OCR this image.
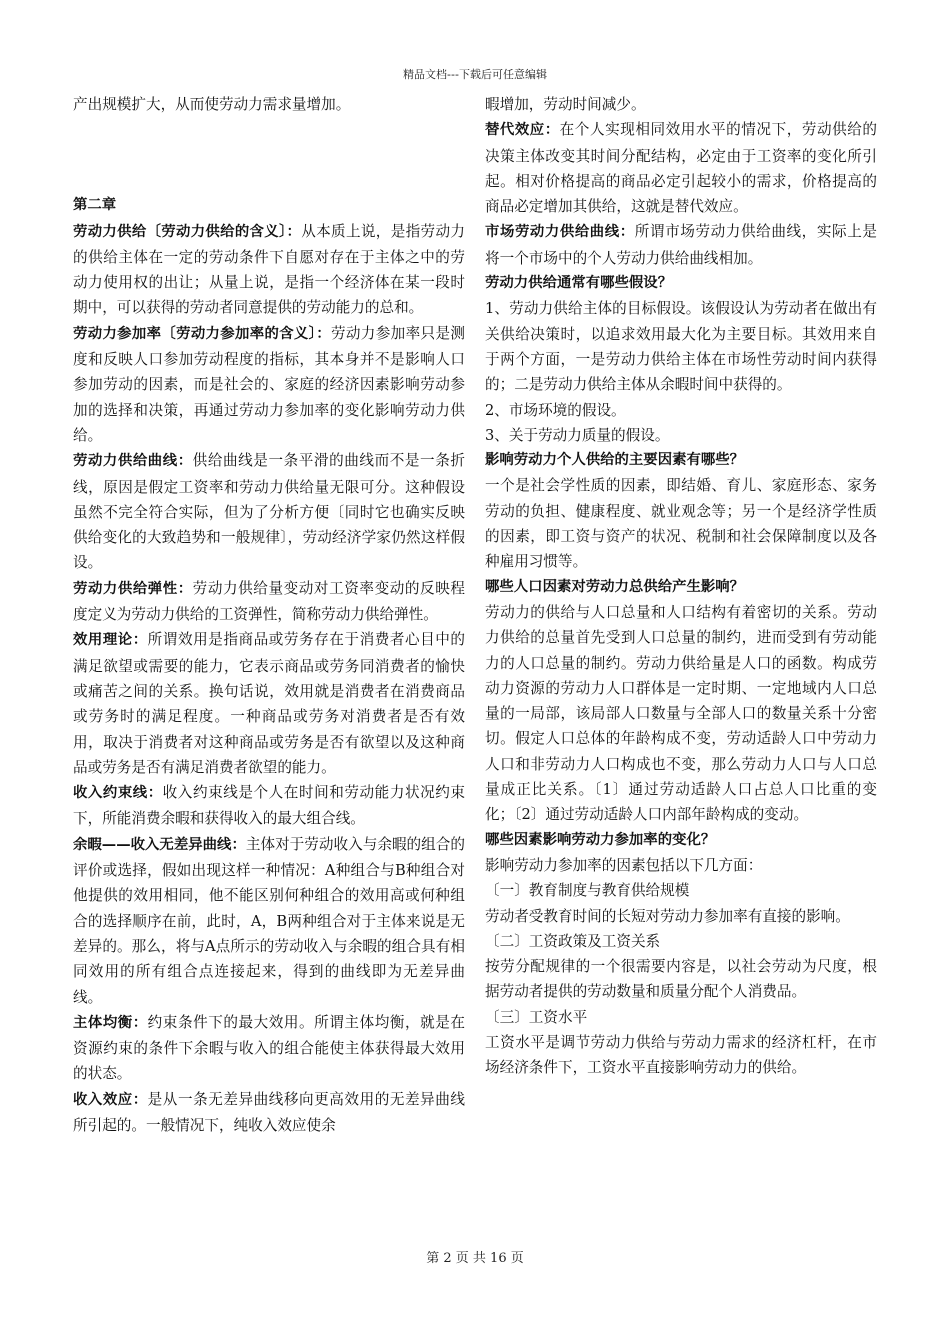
精品文档---下载后可任意编辑

产出规模扩大，从而使劳动力需求量增加。

第二章

劳动力供给〔劳动力供给的含义〕：从本质上说，是指劳动力的供给主体在一定的劳动条件下自愿对存在于主体之中的劳动力使用权的出让；从量上说，是指一个经济体在某一段时期中，可以获得的劳动者同意提供的劳动能力的总和。

劳动力参加率〔劳动力参加率的含义〕：劳动力参加率只是测度和反映人口参加劳动程度的指标，其本身并不是影响人口参加劳动的因素，而是社会的、家庭的经济因素影响劳动参加的选择和决策，再通过劳动力参加率的变化影响劳动力供给。

劳动力供给曲线：供给曲线是一条平滑的曲线而不是一条折线，原因是假定工资率和劳动力供给量无限可分。这种假设虽然不完全符合实际，但为了分析方便〔同时它也确实反映供给变化的大致趋势和一般规律〕，劳动经济学家仍然这样假设。

劳动力供给弹性：劳动力供给量变动对工资率变动的反映程度定义为劳动力供给的工资弹性，简称劳动力供给弹性。

效用理论：所谓效用是指商品或劳务存在于消费者心目中的满足欲望或需要的能力，它表示商品或劳务同消费者的愉快或痛苦之间的关系。换句话说，效用就是消费者在消费商品或劳务时的满足程度。一种商品或劳务对消费者是否有效用，取决于消费者对这种商品或劳务是否有欲望以及这种商品或劳务是否有满足消费者欲望的能力。

收入约束线：收入约束线是个人在时间和劳动能力状况约束下，所能消费余暇和获得收入的最大组合线。

余暇——收入无差异曲线：主体对于劳动收入与余暇的组合的评价或选择，假如出现这样一种情况：A种组合与B种组合对他提供的效用相同，他不能区别何种组合的效用高或何种组合的选择顺序在前，此时，A，B两种组合对于主体来说是无差异的。那么，将与A点所示的劳动收入与余暇的组合具有相同效用的所有组合点连接起来，得到的曲线即为无差异曲线。

主体均衡：约束条件下的最大效用。所谓主体均衡，就是在资源约束的条件下余暇与收入的组合能使主体获得最大效用的状态。

收入效应：是从一条无差异曲线移向更高效用的无差异曲线所引起的。一般情况下，纯收入效应使余

暇增加，劳动时间减少。

替代效应：在个人实现相同效用水平的情况下，劳动供给的决策主体改变其时间分配结构，必定由于工资率的变化所引起。相对价格提高的商品必定引起较小的需求，价格提高的商品必定增加其供给，这就是替代效应。

市场劳动力供给曲线：所谓市场劳动力供给曲线，实际上是将一个市场中的个人劳动力供给曲线相加。

劳动力供给通常有哪些假设？

1、劳动力供给主体的目标假设。该假设认为劳动者在做出有关供给决策时，以追求效用最大化为主要目标。其效用来自于两个方面，一是劳动力供给主体在市场性劳动时间内获得的；二是劳动力供给主体从余暇时间中获得的。

2、市场环境的假设。

3、关于劳动力质量的假设。

影响劳动力个人供给的主要因素有哪些？

一个是社会学性质的因素，即结婚、育儿、家庭形态、家务劳动的负担、健康程度、就业观念等；另一个是经济学性质的因素，即工资与资产的状况、税制和社会保障制度以及各种雇用习惯等。

哪些人口因素对劳动力总供给产生影响？

劳动力的供给与人口总量和人口结构有着密切的关系。劳动力供给的总量首先受到人口总量的制约，进而受到有劳动能力的人口总量的制约。劳动力供给量是人口的函数。构成劳动力资源的劳动力人口群体是一定时期、一定地域内人口总量的一局部，该局部人口数量与全部人口的数量关系十分密切。假定人口总体的年龄构成不变，劳动适龄人口中劳动力人口和非劳动力人口构成也不变，那么劳动力人口与人口总量成正比关系。〔1〕通过劳动适龄人口占总人口比重的变化；〔2〕通过劳动适龄人口内部年龄构成的变动。

哪些因素影响劳动力参加率的变化？

影响劳动力参加率的因素包括以下几方面：

〔一〕教育制度与教育供给规模

劳动者受教育时间的长短对劳动力参加率有直接的影响。

〔二〕工资政策及工资关系

按劳分配规律的一个很需要内容是，以社会劳动为尺度，根据劳动者提供的劳动数量和质量分配个人消费品。

〔三〕工资水平

工资水平是调节劳动力供给与劳动力需求的经济杠杆，在市场经济条件下，工资水平直接影响劳动力的供给。

第 2 页 共 16 页
